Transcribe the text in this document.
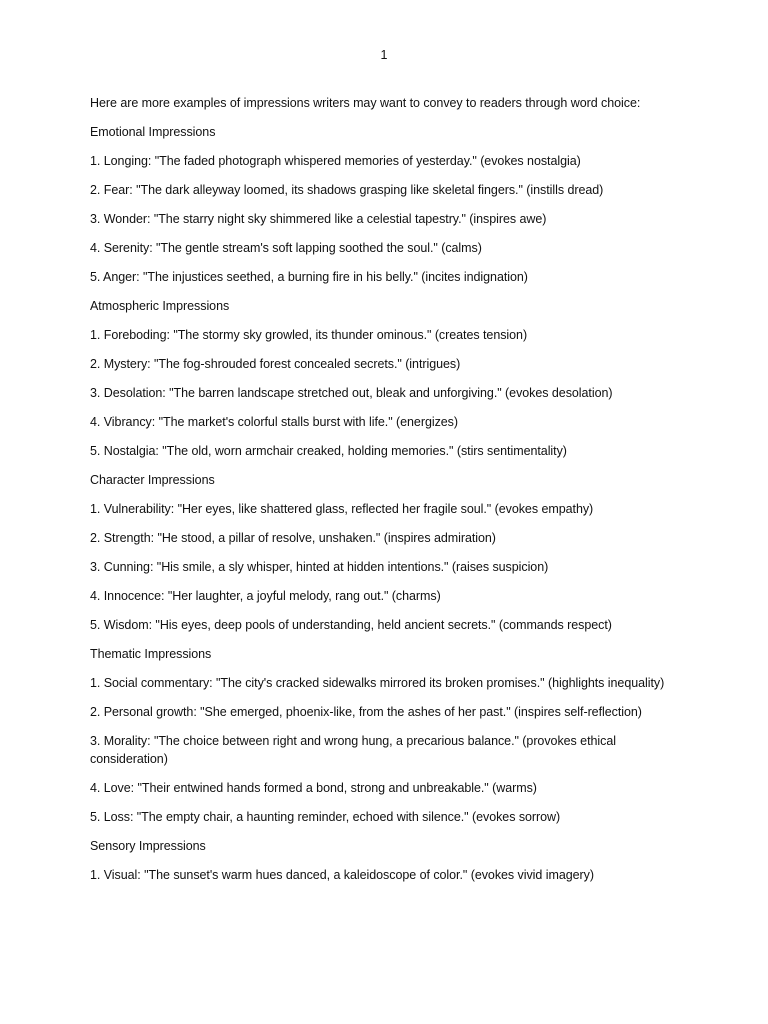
1

Here are more examples of impressions writers may want to convey to readers through word choice:

Emotional Impressions

1. Longing: "The faded photograph whispered memories of yesterday." (evokes nostalgia)

2. Fear: "The dark alleyway loomed, its shadows grasping like skeletal fingers." (instills dread)

3. Wonder: "The starry night sky shimmered like a celestial tapestry." (inspires awe)

4. Serenity: "The gentle stream's soft lapping soothed the soul." (calms)

5. Anger: "The injustices seethed, a burning fire in his belly." (incites indignation)

Atmospheric Impressions

1. Foreboding: "The stormy sky growled, its thunder ominous." (creates tension)

2. Mystery: "The fog-shrouded forest concealed secrets." (intrigues)

3. Desolation: "The barren landscape stretched out, bleak and unforgiving." (evokes desolation)

4. Vibrancy: "The market's colorful stalls burst with life." (energizes)

5. Nostalgia: "The old, worn armchair creaked, holding memories." (stirs sentimentality)

Character Impressions

1. Vulnerability: "Her eyes, like shattered glass, reflected her fragile soul." (evokes empathy)

2. Strength: "He stood, a pillar of resolve, unshaken." (inspires admiration)

3. Cunning: "His smile, a sly whisper, hinted at hidden intentions." (raises suspicion)

4. Innocence: "Her laughter, a joyful melody, rang out." (charms)

5. Wisdom: "His eyes, deep pools of understanding, held ancient secrets." (commands respect)

Thematic Impressions

1. Social commentary: "The city's cracked sidewalks mirrored its broken promises." (highlights inequality)

2. Personal growth: "She emerged, phoenix-like, from the ashes of her past." (inspires self-reflection)

3. Morality: "The choice between right and wrong hung, a precarious balance." (provokes ethical consideration)

4. Love: "Their entwined hands formed a bond, strong and unbreakable." (warms)

5. Loss: "The empty chair, a haunting reminder, echoed with silence." (evokes sorrow)

Sensory Impressions

1. Visual: "The sunset's warm hues danced, a kaleidoscope of color." (evokes vivid imagery)
